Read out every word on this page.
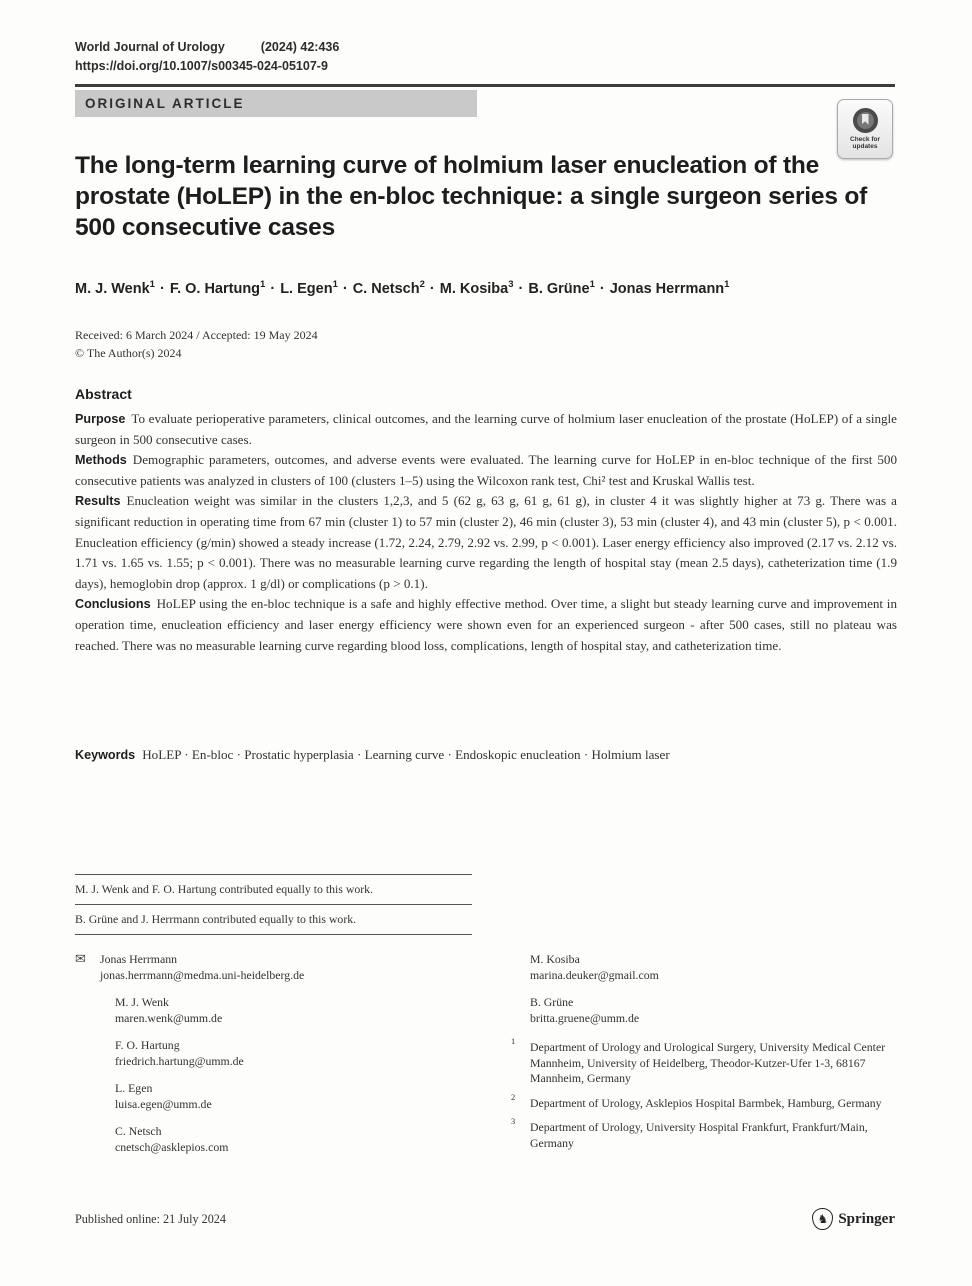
World Journal of Urology	(2024) 42:436
https://doi.org/10.1007/s00345-024-05107-9
ORIGINAL ARTICLE
Check for
updates
The long-term learning curve of holmium laser enucleation of the prostate (HoLEP) in the en-bloc technique: a single surgeon series of 500 consecutive cases
M. J. Wenk$^1$ · F. O. Hartung$^1$ · L. Egen$^1$ · C. Netsch$^2$ · M. Kosiba$^3$ · B. Grüne$^1$ · Jonas Herrmann$^1$
Received: 6 March 2024 / Accepted: 19 May 2024
© The Author(s) 2024
Abstract

Purpose To evaluate perioperative parameters, clinical outcomes, and the learning curve of holmium laser enucleation of the prostate (HoLEP) of a single surgeon in 500 consecutive cases.

Methods Demographic parameters, outcomes, and adverse events were evaluated. The learning curve for HoLEP in en-bloc technique of the first 500 consecutive patients was analyzed in clusters of 100 (clusters 1–5) using the Wilcoxon rank test, Chi² test and Kruskal Wallis test.

Results Enucleation weight was similar in the clusters 1,2,3, and 5 (62 g, 63 g, 61 g, 61 g), in cluster 4 it was slightly higher at 73 g. There was a significant reduction in operating time from 67 min (cluster 1) to 57 min (cluster 2), 46 min (cluster 3), 53 min (cluster 4), and 43 min (cluster 5), p < 0.001. Enucleation efficiency (g/min) showed a steady increase (1.72, 2.24, 2.79, 2.92 vs. 2.99, p < 0.001). Laser energy efficiency also improved (2.17 vs. 2.12 vs. 1.71 vs. 1.65 vs. 1.55; p < 0.001). There was no measurable learning curve regarding the length of hospital stay (mean 2.5 days), catheterization time (1.9 days), hemoglobin drop (approx. 1 g/dl) or complications (p > 0.1).

Conclusions HoLEP using the en-bloc technique is a safe and highly effective method. Over time, a slight but steady learning curve and improvement in operation time, enucleation efficiency and laser energy efficiency were shown even for an experienced surgeon - after 500 cases, still no plateau was reached. There was no measurable learning curve regarding blood loss, complications, length of hospital stay, and catheterization time.

Keywords HoLEP · En-bloc · Prostatic hyperplasia · Learning curve · Endoskopic enucleation · Holmium laser
M. J. Wenk and F. O. Hartung contributed equally to this work.
B. Grüne and J. Herrmann contributed equally to this work.
✉ Jonas Herrmann
jonas.herrmann@medma.uni-heidelberg.de
M. J. Wenk
maren.wenk@umm.de
F. O. Hartung
friedrich.hartung@umm.de
L. Egen
luisa.egen@umm.de
C. Netsch
cnetsch@asklepios.com
M. Kosiba
marina.deuker@gmail.com
B. Grüne
britta.gruene@umm.de
1 Department of Urology and Urological Surgery, University Medical Center Mannheim, University of Heidelberg, Theodor-Kutzer-Ufer 1-3, 68167 Mannheim, Germany
2 Department of Urology, Asklepios Hospital Barmbek, Hamburg, Germany
3 Department of Urology, University Hospital Frankfurt, Frankfurt/Main, Germany
Published online: 21 July 2024	♞ Springer
